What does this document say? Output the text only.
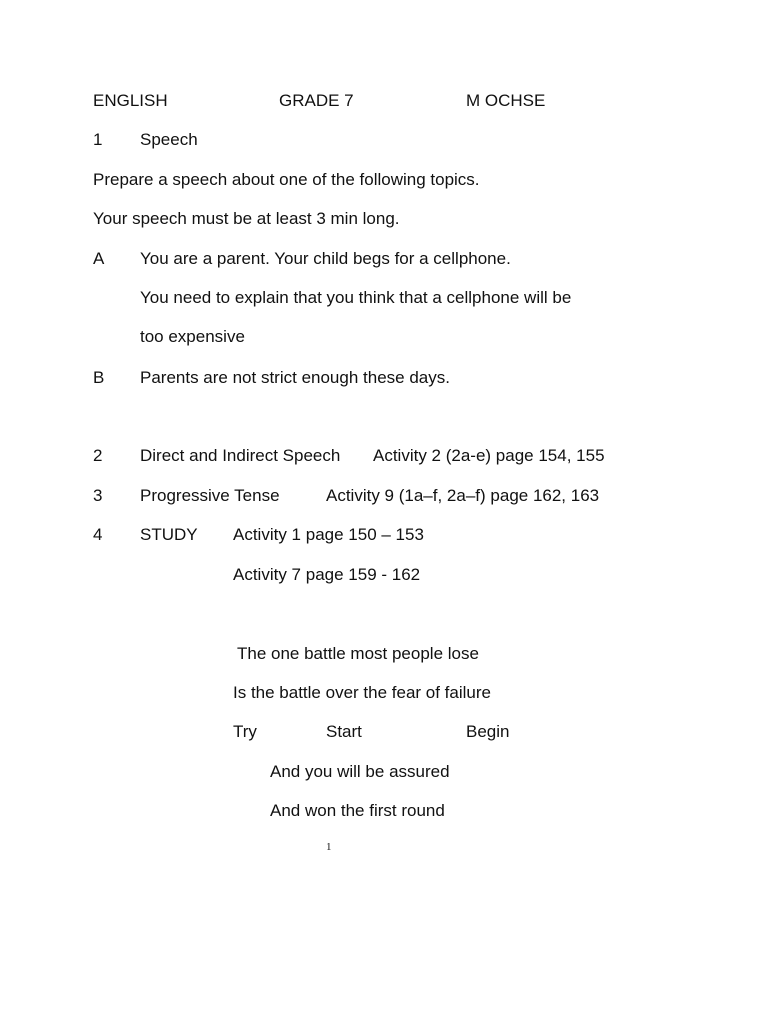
ENGLISH	GRADE 7	M OCHSE
1 Speech
Prepare a speech about one of the following topics.
Your speech must be at least 3 min long.
A You are a parent. Your child begs for a cellphone.
You need to explain that you think that a cellphone will be
too expensive
B Parents are not strict enough these days.
2 Direct and Indirect Speech Activity 2 (2a-e) page 154, 155
3 Progressive Tense	Activity 9 (1a–f, 2a–f) page 162, 163
4 STUDY Activity 1 page 150 – 153
Activity 7 page 159 - 162
The one battle most people lose
Is the battle over the fear of failure
Try	Start	Begin
And you will be assured
And won the first round
1
